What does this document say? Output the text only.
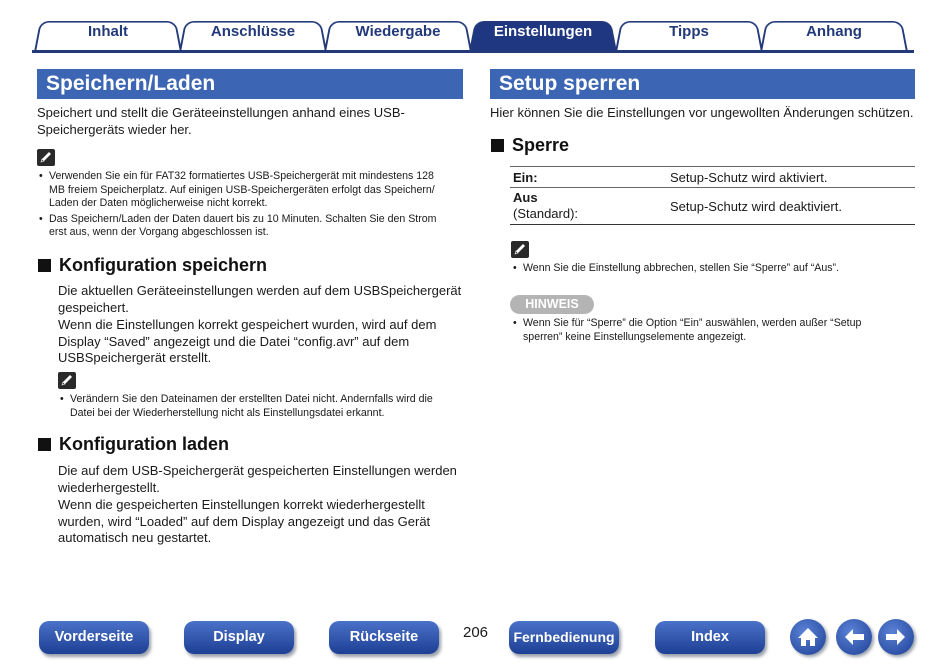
Inhalt	Anschlüsse	Wiedergabe	Einstellungen	Tipps	Anhang
Speichern/Laden
Speichert und stellt die Geräteeinstellungen anhand eines USB-
Speichergeräts wieder her.
• Verwenden Sie ein für FAT32 formatiertes USB-Speichergerät mit mindestens 128
MB freiem Speicherplatz. Auf einigen USB-Speichergeräten erfolgt das Speichern/
Laden der Daten möglicherweise nicht korrekt.
• Das Speichern/Laden der Daten dauert bis zu 10 Minuten. Schalten Sie den Strom
erst aus, wenn der Vorgang abgeschlossen ist.
Konfiguration speichern
Die aktuellen Geräteeinstellungen werden auf dem USBSpeichergerät
gespeichert.
Wenn die Einstellungen korrekt gespeichert wurden, wird auf dem
Display “Saved” angezeigt und die Datei “config.avr” auf dem
USBSpeichergerät erstellt.
• Verändern Sie den Dateinamen der erstellten Datei nicht. Andernfalls wird die
Datei bei der Wiederherstellung nicht als Einstellungsdatei erkannt.
Konfiguration laden
Die auf dem USB-Speichergerät gespeicherten Einstellungen werden
wiederhergestellt.
Wenn die gespeicherten Einstellungen korrekt wiederhergestellt
wurden, wird “Loaded” auf dem Display angezeigt und das Gerät
automatisch neu gestartet.
Setup sperren
Hier können Sie die Einstellungen vor ungewollten Änderungen schützen.
Sperre
Ein:	Setup-Schutz wird aktiviert.

Aus
(Standard):	Setup-Schutz wird deaktiviert.
• Wenn Sie die Einstellung abbrechen, stellen Sie “Sperre” auf “Aus”.
HINWEIS
• Wenn Sie für “Sperre” die Option “Ein” auswählen, werden außer “Setup
sperren” keine Einstellungselemente angezeigt.
Vorderseite	Display	Rückseite	206	Fernbedienung	Index
